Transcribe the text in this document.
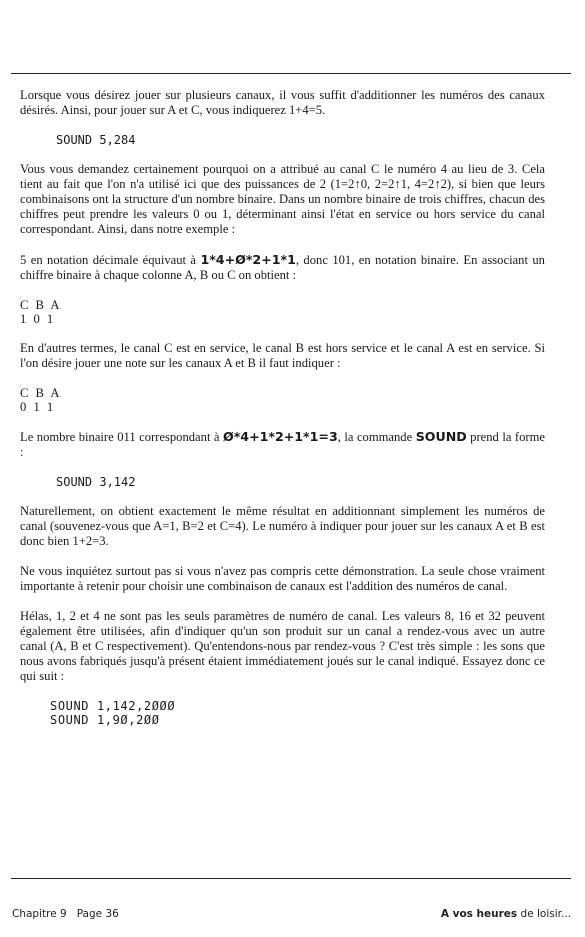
Lorsque vous désirez jouer sur plusieurs canaux, il vous suffit d'additionner les numéros des canaux désirés. Ainsi, pour jouer sur A et C, vous indiquerez 1+4=5.

SOUND 5,284

Vous vous demandez certainement pourquoi on a attribué au canal C le numéro 4 au lieu de 3. Cela tient au fait que l'on n'a utilisé ici que des puissances de 2 (1=2↑0, 2=2↑1, 4=2↑2), si bien que leurs combinaisons ont la structure d'un nombre binaire. Dans un nombre binaire de trois chiffres, chacun des chiffres peut prendre les valeurs 0 ou 1, déterminant ainsi l'état en service ou hors service du canal correspondant. Ainsi, dans notre exemple :

5 en notation décimale équivaut à 1*4+Ø*2+1*1, donc 101, en notation binaire. En associant un chiffre binaire à chaque colonne A, B ou C on obtient :

C B A
1 0 1

En d'autres termes, le canal C est en service, le canal B est hors service et le canal A est en service. Si l'on désire jouer une note sur les canaux A et B il faut indiquer :

C B A
0 1 1

Le nombre binaire 011 correspondant à Ø*4+1*2+1*1=3, la commande SOUND prend la forme :

SOUND 3,142

Naturellement, on obtient exactement le même résultat en additionnant simplement les numéros de canal (souvenez-vous que A=1, B=2 et C=4). Le numéro à indiquer pour jouer sur les canaux A et B est donc bien 1+2=3.

Ne vous inquiétez surtout pas si vous n'avez pas compris cette démonstration. La seule chose vraiment importante à retenir pour choisir une combinaison de canaux est l'addition des numéros de canal.

Hélas, 1, 2 et 4 ne sont pas les seuls paramètres de numéro de canal. Les valeurs 8, 16 et 32 peuvent également être utilisées, afin d'indiquer qu'un son produit sur un canal a rendez-vous avec un autre canal (A, B et C respectivement). Qu'entendons-nous par rendez-vous ? C'est très simple : les sons que nous avons fabriqués jusqu'à présent étaient immédiatement joués sur le canal indiqué. Essayez donc ce qui suit :

SOUND 1,142,2ØØØ
SOUND 1,9Ø,2ØØ
Chapitre 9   Page 36	A vos heures de loisir...
